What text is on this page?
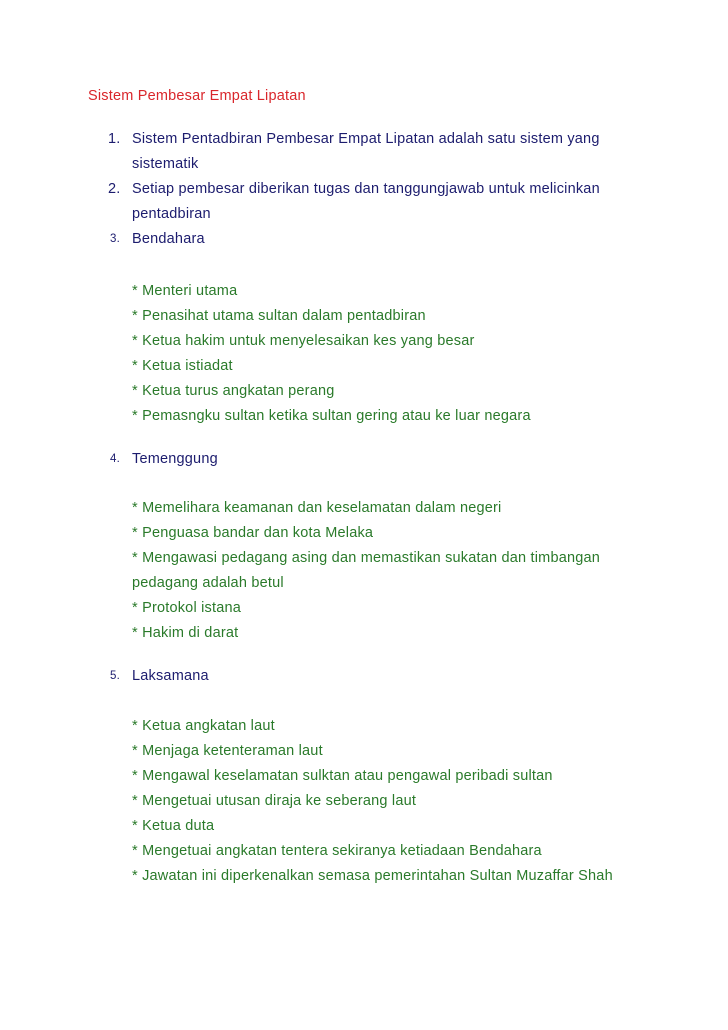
Sistem Pembesar Empat Lipatan
1. Sistem Pentadbiran Pembesar Empat Lipatan adalah satu sistem yang
sistematik
2. Setiap pembesar diberikan tugas dan tanggungjawab untuk melicinkan
pentadbiran
3. Bendahara
* Menteri utama
* Penasihat utama sultan dalam pentadbiran
* Ketua hakim untuk menyelesaikan kes yang besar
* Ketua istiadat
* Ketua turus angkatan perang
* Pemasngku sultan ketika sultan gering atau ke luar negara
4. Temenggung
* Memelihara keamanan dan keselamatan dalam negeri
* Penguasa bandar dan kota Melaka
* Mengawasi pedagang asing dan memastikan sukatan dan timbangan
pedagang adalah betul
* Protokol istana
* Hakim di darat
5. Laksamana
* Ketua angkatan laut
* Menjaga ketenteraman laut
* Mengawal keselamatan sulktan atau pengawal peribadi sultan
* Mengetuai utusan diraja ke seberang laut
* Ketua duta
* Mengetuai angkatan tentera sekiranya ketiadaan Bendahara
* Jawatan ini diperkenalkan semasa pemerintahan Sultan Muzaffar Shah
